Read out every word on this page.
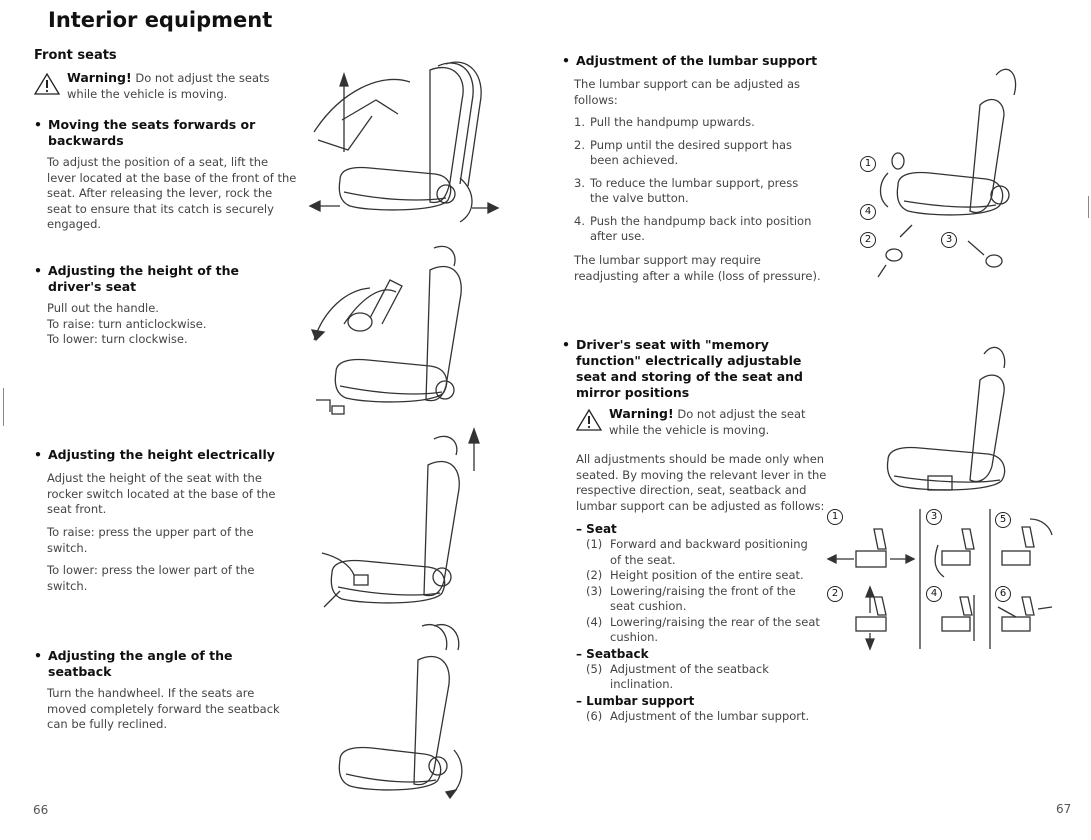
Interior equipment
Front seats
Warning! Do not adjust the seats
while the vehicle is moving.
• Moving the seats forwards or
backwards
To adjust the position of a seat, lift the
lever located at the base of the front of the
seat. After releasing the lever, rock the
seat to ensure that its catch is securely
engaged.
• Adjusting the height of the
driver's seat
Pull out the handle.
To raise: turn anticlockwise.
To lower: turn clockwise.
• Adjusting the height electrically
Adjust the height of the seat with the
rocker switch located at the base of the
seat front.
To raise: press the upper part of the
switch.
To lower: press the lower part of the
switch.
• Adjusting the angle of the
seatback
Turn the handwheel. If the seats are
moved completely forward the seatback
can be fully reclined.
66
• Adjustment of the lumbar support
The lumbar support can be adjusted as
follows:
1. Pull the handpump upwards.
2. Pump until the desired support has
been achieved.
3. To reduce the lumbar support, press
the valve button.
4. Push the handpump back into position
after use.
The lumbar support may require
readjusting after a while (loss of pressure).
• Driver's seat with "memory
function" electrically adjustable
seat and storing of the seat and
mirror positions
Warning! Do not adjust the seat
while the vehicle is moving.
All adjustments should be made only when
seated. By moving the relevant lever in the
respective direction, seat, seatback and
lumbar support can be adjusted as follows:
– Seat
(1) Forward and backward positioning
of the seat.
(2) Height position of the entire seat.
(3) Lowering/raising the front of the
seat cushion.
(4) Lowering/raising the rear of the seat
cushion.
– Seatback
(5) Adjustment of the seatback
inclination.
– Lumbar support
(6) Adjustment of the lumbar support.
67
1
4
2	3
1	3	5
2	4	6
